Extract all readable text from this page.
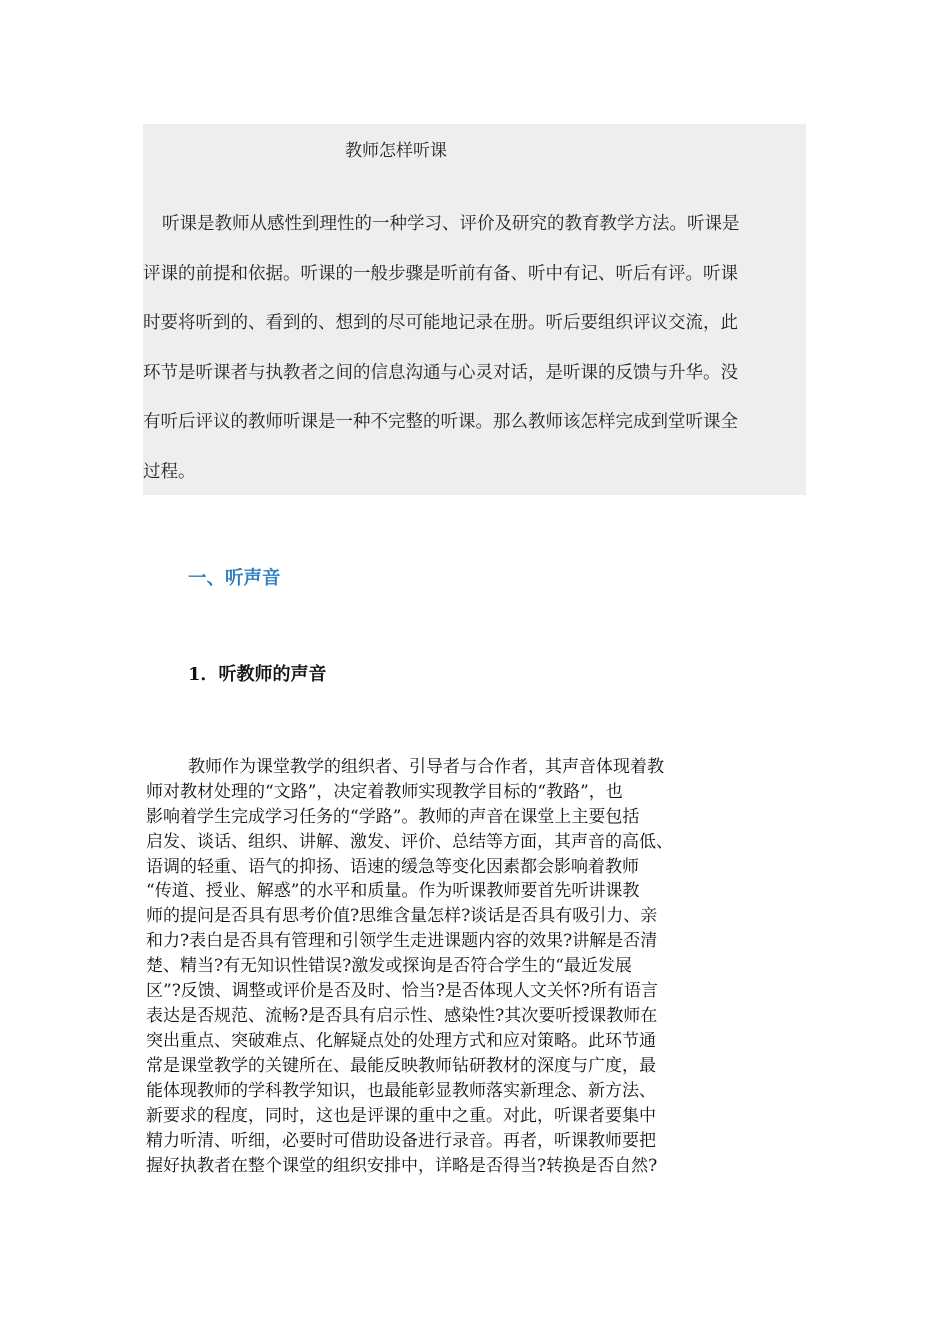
教师怎样听课
听课是教师从感性到理性的一种学习、评价及研究的教育教学方法。听课是
评课的前提和依据。听课的一般步骤是听前有备、听中有记、听后有评。听课
时要将听到的、看到的、想到的尽可能地记录在册。听后要组织评议交流，此
环节是听课者与执教者之间的信息沟通与心灵对话，是听课的反馈与升华。没
有听后评议的教师听课是一种不完整的听课。那么教师该怎样完成到堂听课全
过程。
一、听声音
1．听教师的声音
教师作为课堂教学的组织者、引导者与合作者，其声音体现着教
师对教材处理的“文路”，决定着教师实现教学目标的“教路”，也
影响着学生完成学习任务的“学路”。教师的声音在课堂上主要包括
启发、谈话、组织、讲解、激发、评价、总结等方面，其声音的高低、
语调的轻重、语气的抑扬、语速的缓急等变化因素都会影响着教师
“传道、授业、解惑”的水平和质量。作为听课教师要首先听讲课教
师的提问是否具有思考价值?思维含量怎样?谈话是否具有吸引力、亲
和力?表白是否具有管理和引领学生走进课题内容的效果?讲解是否清
楚、精当?有无知识性错误?激发或探询是否符合学生的“最近发展
区”?反馈、调整或评价是否及时、恰当?是否体现人文关怀?所有语言
表达是否规范、流畅?是否具有启示性、感染性?其次要听授课教师在
突出重点、突破难点、化解疑点处的处理方式和应对策略。此环节通
常是课堂教学的关键所在、最能反映教师钻研教材的深度与广度，最
能体现教师的学科教学知识，也最能彰显教师落实新理念、新方法、
新要求的程度，同时，这也是评课的重中之重。对此，听课者要集中
精力听清、听细，必要时可借助设备进行录音。再者，听课教师要把
握好执教者在整个课堂的组织安排中，详略是否得当?转换是否自然?
